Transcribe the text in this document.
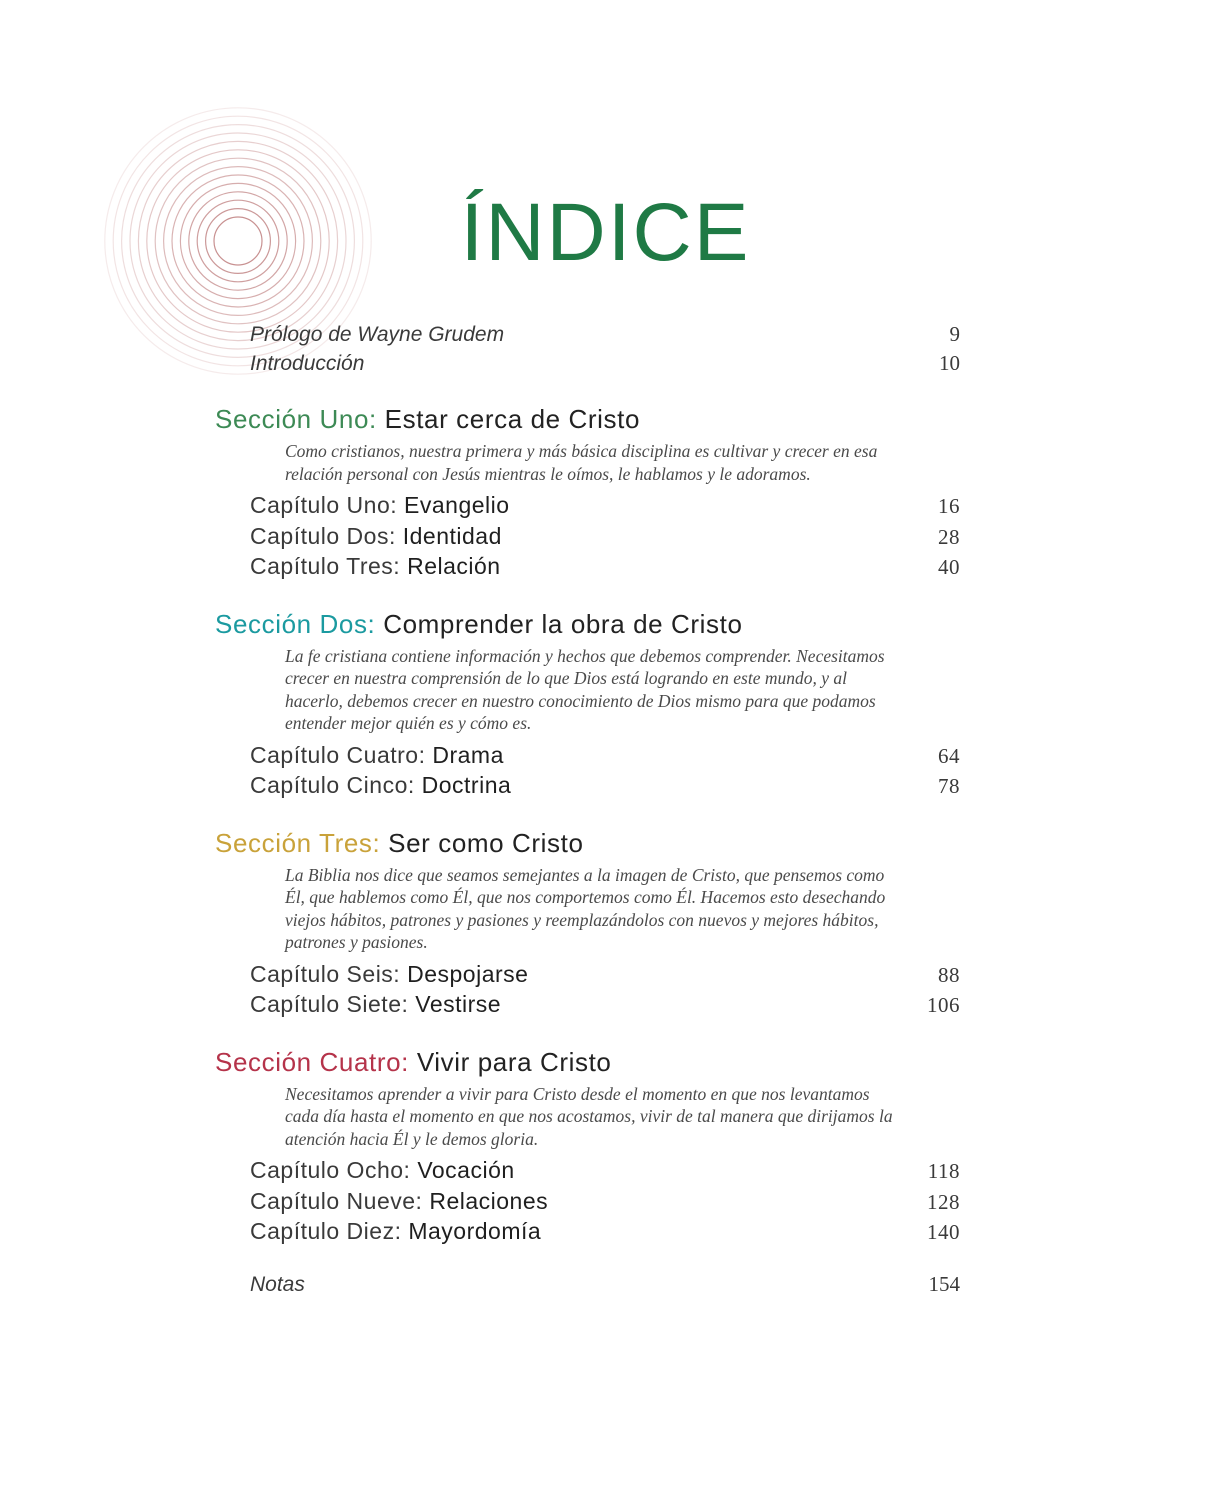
ÍNDICE
Prólogo de Wayne Grudem	9
Introducción	10
Sección Uno: Estar cerca de Cristo
Como cristianos, nuestra primera y más básica disciplina es cultivar y crecer en esa relación personal con Jesús mientras le oímos, le hablamos y le adoramos.
Capítulo Uno: Evangelio	16
Capítulo Dos: Identidad	28
Capítulo Tres: Relación	40
Sección Dos: Comprender la obra de Cristo
La fe cristiana contiene información y hechos que debemos comprender. Necesitamos crecer en nuestra comprensión de lo que Dios está logrando en este mundo, y al hacerlo, debemos crecer en nuestro conocimiento de Dios mismo para que podamos entender mejor quién es y cómo es.
Capítulo Cuatro: Drama	64
Capítulo Cinco: Doctrina	78
Sección Tres: Ser como Cristo
La Biblia nos dice que seamos semejantes a la imagen de Cristo, que pensemos como Él, que hablemos como Él, que nos comportemos como Él. Hacemos esto desechando viejos hábitos, patrones y pasiones y reemplazándolos con nuevos y mejores hábitos, patrones y pasiones.
Capítulo Seis: Despojarse	88
Capítulo Siete: Vestirse	106
Sección Cuatro: Vivir para Cristo
Necesitamos aprender a vivir para Cristo desde el momento en que nos levantamos cada día hasta el momento en que nos acostamos, vivir de tal manera que dirijamos la atención hacia Él y le demos gloria.
Capítulo Ocho: Vocación	118
Capítulo Nueve: Relaciones	128
Capítulo Diez: Mayordomía	140
Notas	154
